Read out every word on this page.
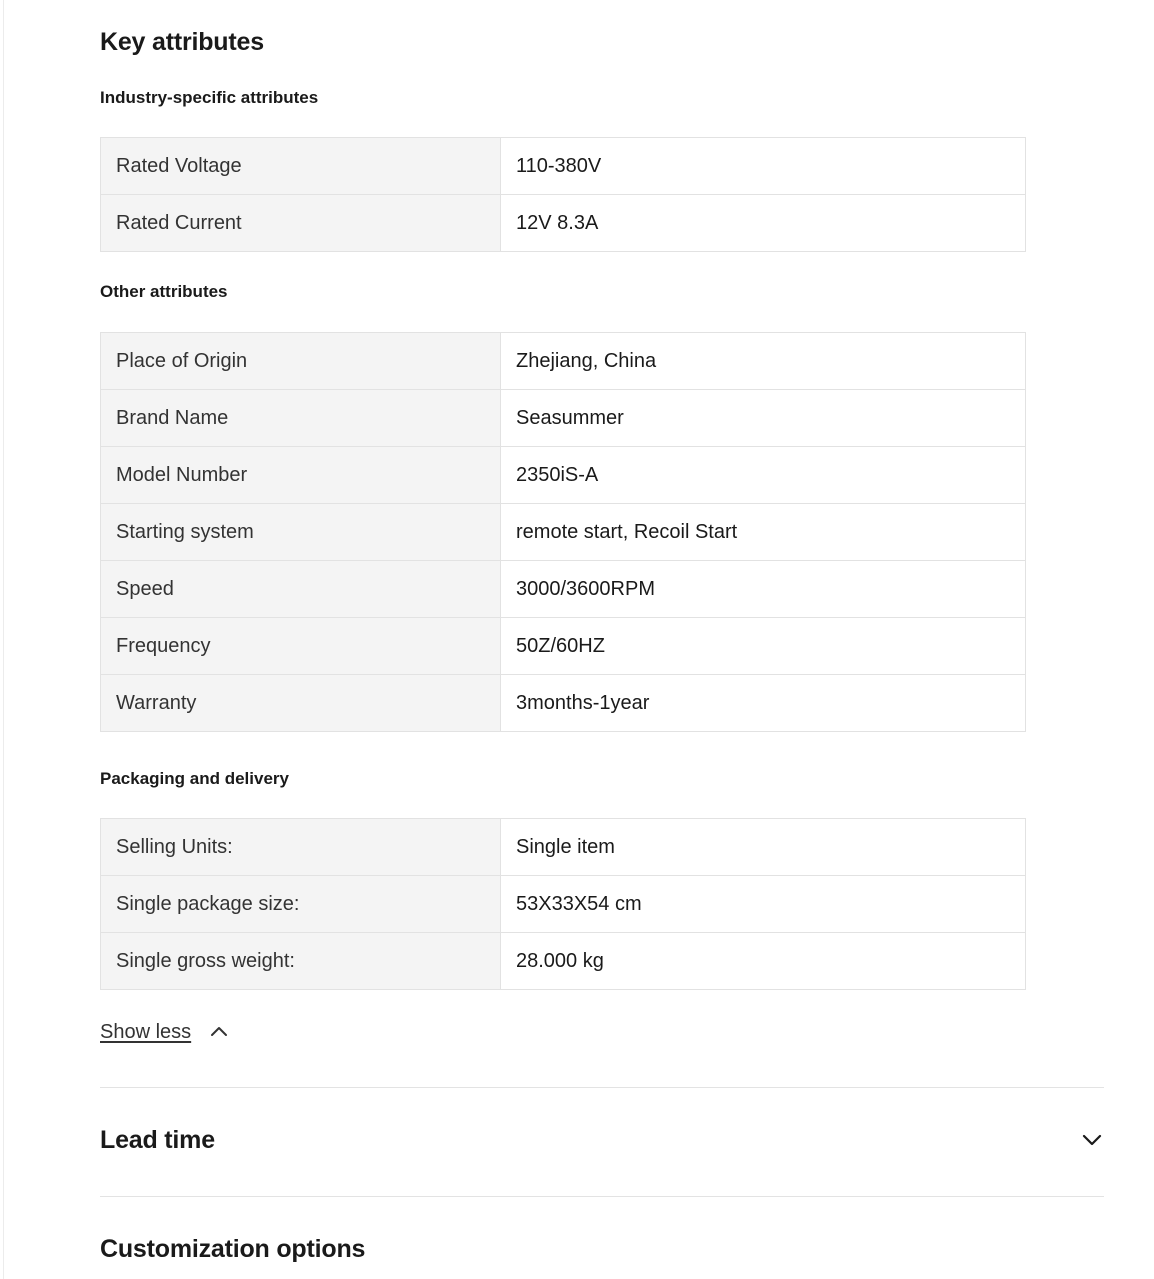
Key attributes
Industry-specific attributes
Rated Voltage	110-380V
Rated Current	12V 8.3A
Other attributes
Place of Origin	Zhejiang, China
Brand Name	Seasummer
Model Number	2350iS-A
Starting system	remote start, Recoil Start
Speed	3000/3600RPM
Frequency	50Z/60HZ
Warranty	3months-1year
Packaging and delivery
Selling Units:	Single item
Single package size:	53X33X54 cm
Single gross weight:	28.000 kg
Show less
Lead time
Customization options
